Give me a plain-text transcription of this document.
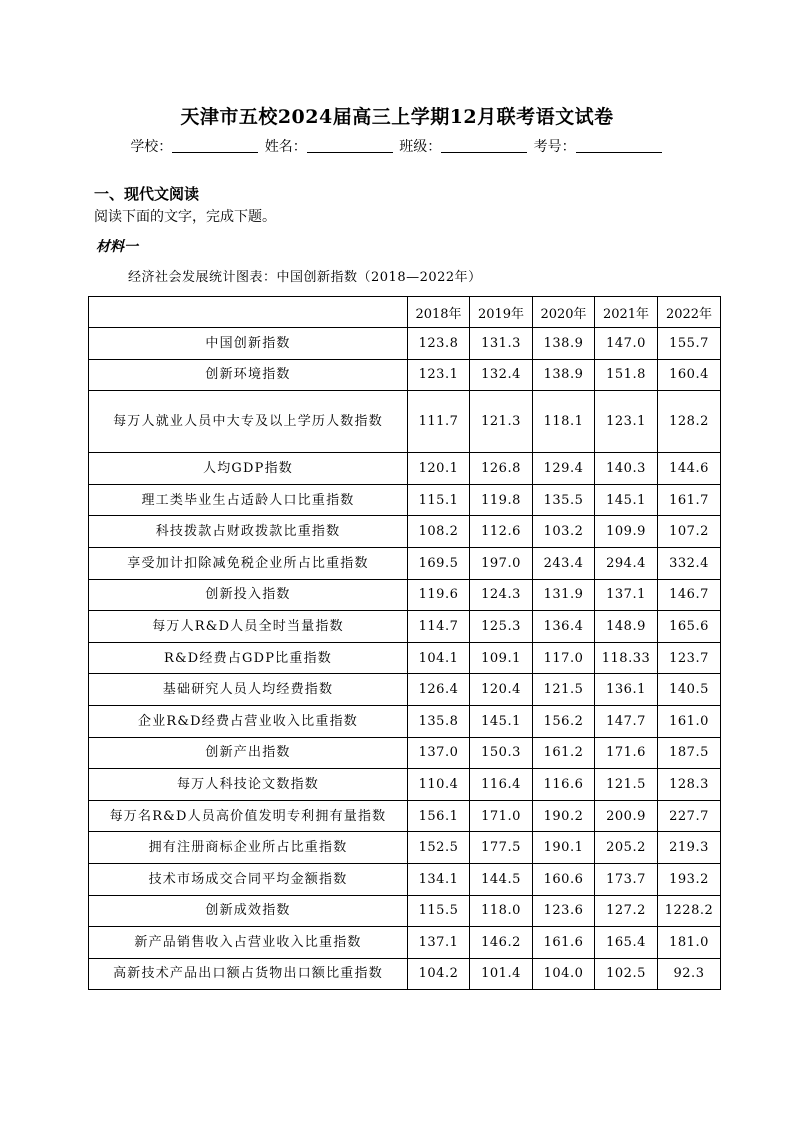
天津市五校2024届高三上学期12月联考语文试卷
学校：	姓名：	班级：	考号：
一、现代文阅读
阅读下面的文字，完成下题。
材料一
经济社会发展统计图表：中国创新指数（2018—2022年）
	2018年	2019年	2020年	2021年	2022年
中国创新指数	123.8	131.3	138.9	147.0	155.7
创新环境指数	123.1	132.4	138.9	151.8	160.4
每万人就业人员中大专及以上学历人数指数	111.7	121.3	118.1	123.1	128.2
人均GDP指数	120.1	126.8	129.4	140.3	144.6
理工类毕业生占适龄人口比重指数	115.1	119.8	135.5	145.1	161.7
科技拨款占财政拨款比重指数	108.2	112.6	103.2	109.9	107.2
享受加计扣除减免税企业所占比重指数	169.5	197.0	243.4	294.4	332.4
创新投入指数	119.6	124.3	131.9	137.1	146.7
每万人R&D人员全时当量指数	114.7	125.3	136.4	148.9	165.6
R&D经费占GDP比重指数	104.1	109.1	117.0	118.33	123.7
基础研究人员人均经费指数	126.4	120.4	121.5	136.1	140.5
企业R&D经费占营业收入比重指数	135.8	145.1	156.2	147.7	161.0
创新产出指数	137.0	150.3	161.2	171.6	187.5
每万人科技论文数指数	110.4	116.4	116.6	121.5	128.3
每万名R&D人员高价值发明专利拥有量指数	156.1	171.0	190.2	200.9	227.7
拥有注册商标企业所占比重指数	152.5	177.5	190.1	205.2	219.3
技术市场成交合同平均金额指数	134.1	144.5	160.6	173.7	193.2
创新成效指数	115.5	118.0	123.6	127.2	1228.2
新产品销售收入占营业收入比重指数	137.1	146.2	161.6	165.4	181.0
高新技术产品出口额占货物出口额比重指数	104.2	101.4	104.0	102.5	92.3
